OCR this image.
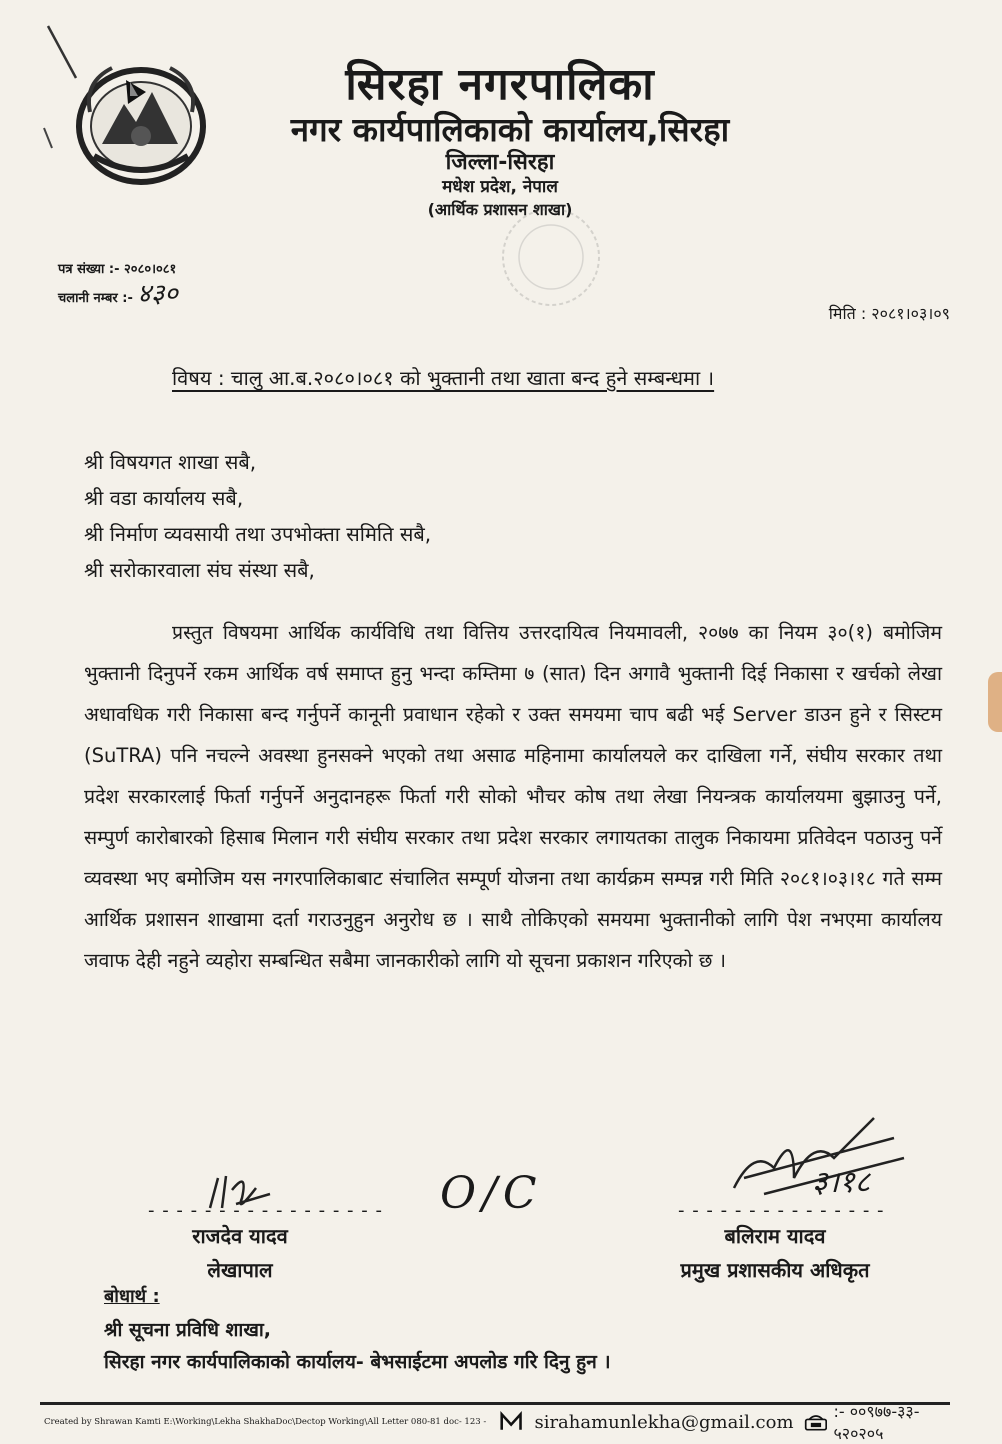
सिरहा नगरपालिका
नगर कार्यपालिकाको कार्यालय,सिरहा
जिल्ला-सिरहा
मधेश प्रदेश, नेपाल
(आर्थिक प्रशासन शाखा)
पत्र संख्या :- २०८०।०८१
चलानी नम्बर :- ४३०
मिति : २०८१।०३।०९
विषय : चालु आ.ब.२०८०।०८१ को भुक्तानी तथा खाता बन्द हुने सम्बन्धमा ।
श्री विषयगत शाखा सबै,
श्री वडा कार्यालय सबै,
श्री निर्माण व्यवसायी तथा उपभोक्ता समिति सबै,
श्री सरोकारवाला संघ संस्था सबै,

प्रस्तुत विषयमा आर्थिक कार्यविधि तथा वित्तिय उत्तरदायित्व नियमावली, २०७७ का नियम ३०(१) बमोजिम भुक्तानी दिनुपर्ने रकम आर्थिक वर्ष समाप्त हुनु भन्दा कम्तिमा ७ (सात) दिन अगावै भुक्तानी दिई निकासा र खर्चको लेखा अधावधिक गरी निकासा बन्द गर्नुपर्ने कानूनी प्रवाधान रहेको र उक्त समयमा चाप बढी भई Server डाउन हुने र सिस्टम (SuTRA) पनि नचल्ने अवस्था हुनसक्ने भएको तथा असाढ महिनामा कार्यालयले कर दाखिला गर्ने, संघीय सरकार तथा प्रदेश सरकारलाई फिर्ता गर्नुपर्ने अनुदानहरू फिर्ता गरी सोको भौचर कोष तथा लेखा नियन्त्रक कार्यालयमा बुझाउनु पर्ने, सम्पुर्ण कारोबारको हिसाब मिलान गरी संघीय सरकार तथा प्रदेश सरकार लगायतका तालुक निकायमा प्रतिवेदन पठाउनु पर्ने व्यवस्था भए बमोजिम यस नगरपालिकाबाट संचालित सम्पूर्ण योजना तथा कार्यक्रम सम्पन्न गरी मिति २०८१।०३।१८ गते सम्म आर्थिक प्रशासन शाखामा दर्ता गराउनुहुन अनुरोध छ । साथै तोकिएको समयमा भुक्तानीको लागि पेश नभएमा कार्यालय जवाफ देही नहुने व्यहोरा सम्बन्धित सबैमा जानकारीको लागि यो सूचना प्रकाशन गरिएको छ ।

- - - - - - - - - - - - - - - - -
राजदेव यादव
लेखापाल
O/C	३।१८
- - - - - - - - - - - - - - -
बलिराम यादव
प्रमुख प्रशासकीय अधिकृत
बोधार्थ :
श्री सूचना प्रविधि शाखा,
सिरहा नगर कार्यपालिकाको कार्यालय- बेभसाईटमा अपलोड गरि दिनु हुन ।
Created by Shrawan Kamti E:\Working\Lekha ShakhaDoc\Dectop Working\All Letter 080-81 doc- 123 -	sirahamunlekha@gmail.com :- ००९७७-३३- ५२०२०५
